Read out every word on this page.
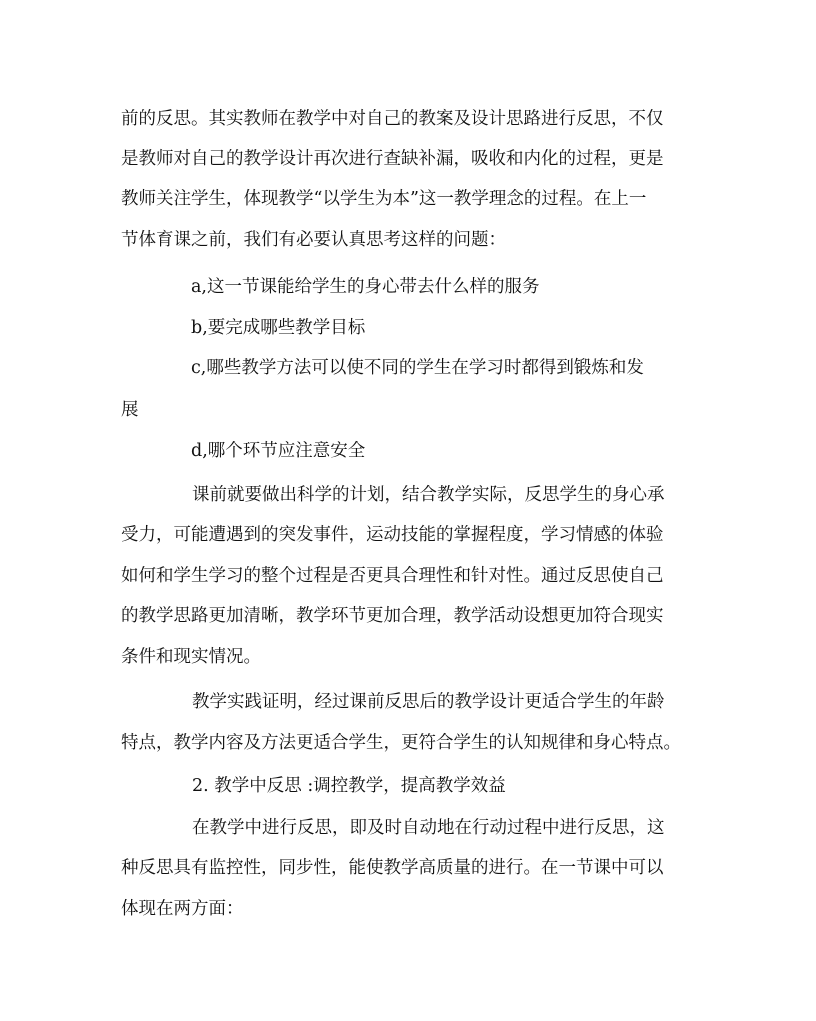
前的反思。其实教师在教学中对自己的教案及设计思路进行反思，不仅
是教师对自己的教学设计再次进行查缺补漏，吸收和内化的过程，更是
教师关注学生，体现教学“以学生为本”这一教学理念的过程。在上一
节体育课之前，我们有必要认真思考这样的问题：
a,这一节课能给学生的身心带去什么样的服务
b,要完成哪些教学目标
c,哪些教学方法可以使不同的学生在学习时都得到锻炼和发
展
d,哪个环节应注意安全
课前就要做出科学的计划，结合教学实际，反思学生的身心承
受力，可能遭遇到的突发事件，运动技能的掌握程度，学习情感的体验
如何和学生学习的整个过程是否更具合理性和针对性。通过反思使自己
的教学思路更加清晰，教学环节更加合理，教学活动设想更加符合现实
条件和现实情况。
教学实践证明，经过课前反思后的教学设计更适合学生的年龄
特点，教学内容及方法更适合学生，更符合学生的认知规律和身心特点。
2. 教学中反思 :调控教学，提高教学效益
在教学中进行反思，即及时自动地在行动过程中进行反思，这
种反思具有监控性，同步性，能使教学高质量的进行。在一节课中可以
体现在两方面：
